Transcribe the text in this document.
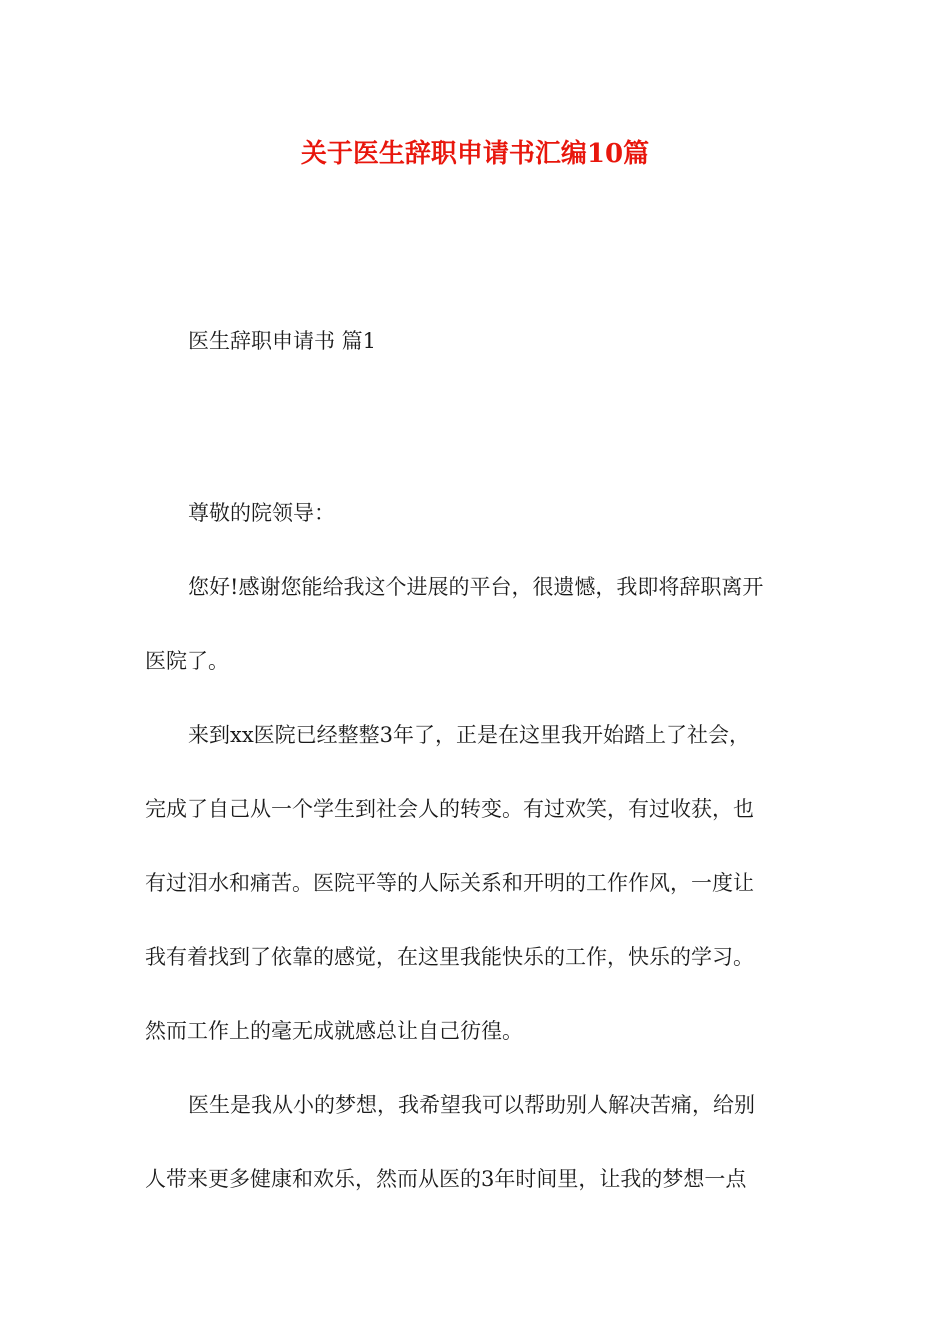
关于医生辞职申请书汇编10篇
医生辞职申请书 篇1
尊敬的院领导：
您好!感谢您能给我这个进展的平台，很遗憾，我即将辞职离开
医院了。
来到xx医院已经整整3年了，正是在这里我开始踏上了社会，
完成了自己从一个学生到社会人的转变。有过欢笑，有过收获，也
有过泪水和痛苦。医院平等的人际关系和开明的工作作风，一度让
我有着找到了依靠的感觉，在这里我能快乐的工作，快乐的学习。
然而工作上的毫无成就感总让自己彷徨。
医生是我从小的梦想，我希望我可以帮助别人解决苦痛，给别
人带来更多健康和欢乐，然而从医的3年时间里，让我的梦想一点
